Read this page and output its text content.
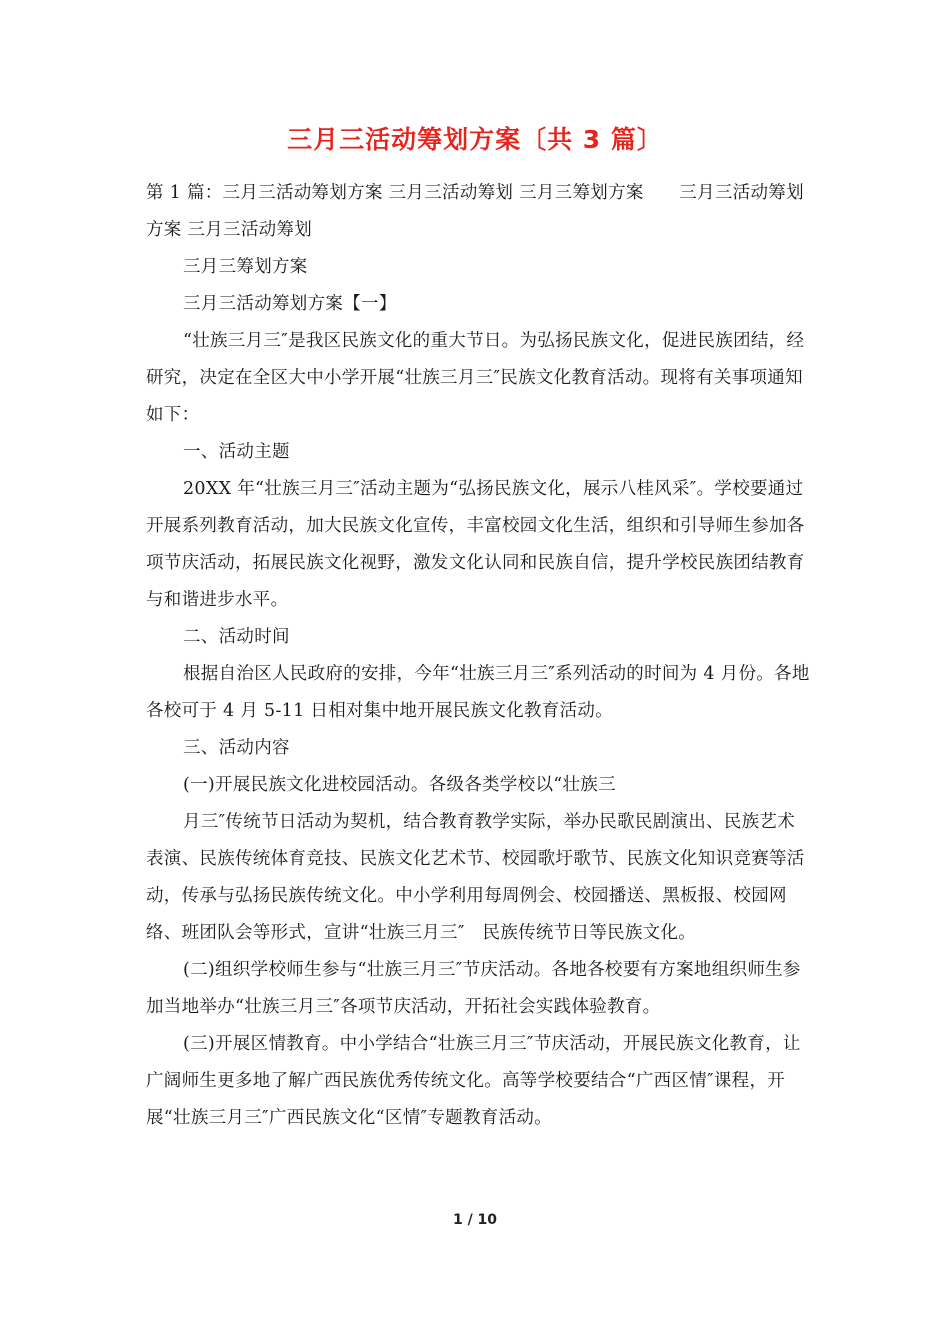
三月三活动筹划方案〔共 3 篇〕

第 1 篇：三月三活动筹划方案 三月三活动筹划 三月三筹划方案　　三月三活动筹划方案 三月三活动筹划

三月三筹划方案

三月三活动筹划方案【一】

“壮族三月三″是我区民族文化的重大节日。为弘扬民族文化，促进民族团结，经研究，决定在全区大中小学开展“壮族三月三″民族文化教育活动。现将有关事项通知如下：

一、活动主题

20XX 年“壮族三月三″活动主题为“弘扬民族文化，展示八桂风采″。学校要通过开展系列教育活动，加大民族文化宣传，丰富校园文化生活，组织和引导师生参加各项节庆活动，拓展民族文化视野，激发文化认同和民族自信，提升学校民族团结教育与和谐进步水平。

二、活动时间

根据自治区人民政府的安排，今年“壮族三月三″系列活动的时间为 4 月份。各地各校可于 4 月 5-11 日相对集中地开展民族文化教育活动。

三、活动内容

(一)开展民族文化进校园活动。各级各类学校以“壮族三

月三″传统节日活动为契机，结合教育教学实际，举办民歌民剧演出、民族艺术表演、民族传统体育竞技、民族文化艺术节、校园歌圩歌节、民族文化知识竞赛等活动，传承与弘扬民族传统文化。中小学利用每周例会、校园播送、黑板报、校园网络、班团队会等形式，宣讲“壮族三月三″　民族传统节日等民族文化。

(二)组织学校师生参与“壮族三月三″节庆活动。各地各校要有方案地组织师生参加当地举办“壮族三月三″各项节庆活动，开拓社会实践体验教育。

(三)开展区情教育。中小学结合“壮族三月三″节庆活动，开展民族文化教育，让广阔师生更多地了解广西民族优秀传统文化。高等学校要结合“广西区情″课程，开展“壮族三月三″广西民族文化“区情″专题教育活动。

1 / 10
